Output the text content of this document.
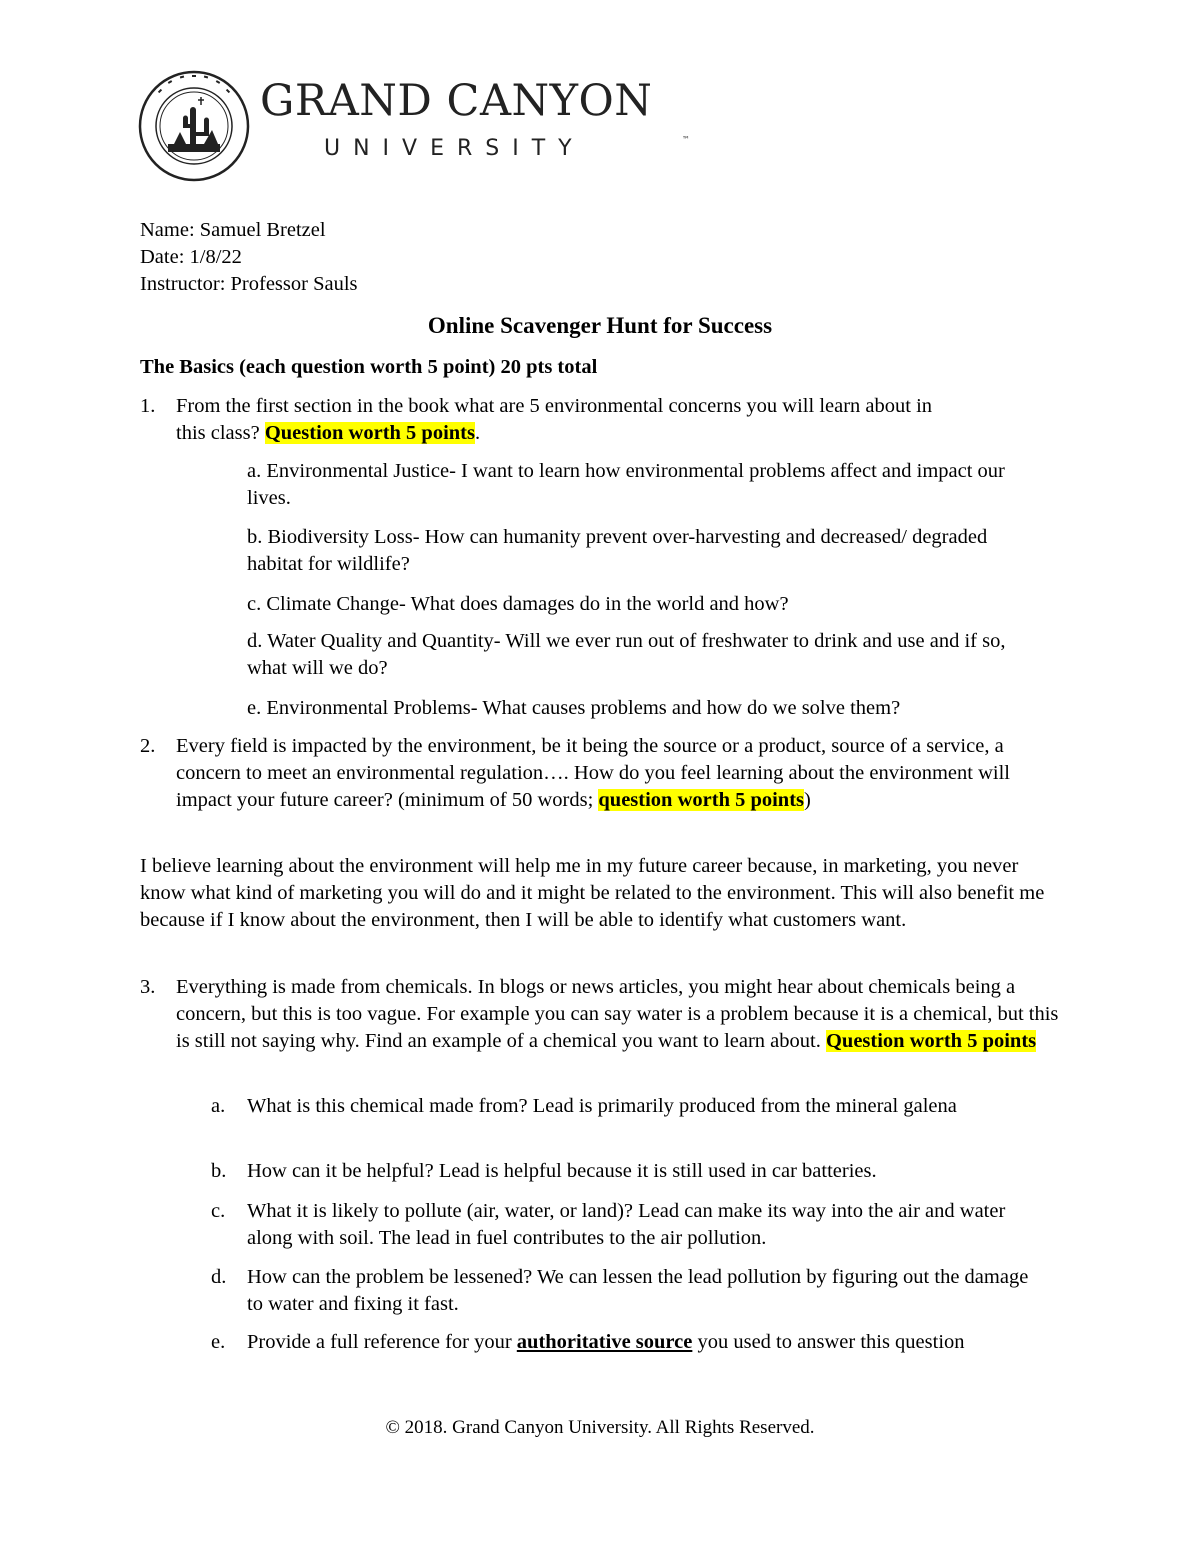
GRAND CANYON
UNIVERSITY	™
Name: Samuel Bretzel
Date: 1/8/22
Instructor: Professor Sauls
Online Scavenger Hunt for Success
The Basics (each question worth 5 point) 20 pts total
1.	From the first section in the book what are 5 environmental concerns you will learn about in
this class? Question worth 5 points.
a. Environmental Justice- I want to learn how environmental problems affect and impact our lives.
b. Biodiversity Loss- How can humanity prevent over-harvesting and decreased/ degraded habitat for wildlife?
c. Climate Change- What does damages do in the world and how?
d. Water Quality and Quantity- Will we ever run out of freshwater to drink and use and if so, what will we do?
e. Environmental Problems- What causes problems and how do we solve them?
2.	Every field is impacted by the environment, be it being the source or a product, source of a service, a concern to meet an environmental regulation…. How do you feel learning about the environment will impact your future career? (minimum of 50 words; question worth 5 points)
I believe learning about the environment will help me in my future career because, in marketing, you never know what kind of marketing you will do and it might be related to the environment. This will also benefit me because if I know about the environment, then I will be able to identify what customers want.
3.	Everything is made from chemicals. In blogs or news articles, you might hear about chemicals being a concern, but this is too vague. For example you can say water is a problem because it is a chemical, but this is still not saying why. Find an example of a chemical you want to learn about. Question worth 5 points
a.	What is this chemical made from? Lead is primarily produced from the mineral galena
b.	How can it be helpful? Lead is helpful because it is still used in car batteries.
c.	What it is likely to pollute (air, water, or land)? Lead can make its way into the air and water along with soil. The lead in fuel contributes to the air pollution.
d.	How can the problem be lessened? We can lessen the lead pollution by figuring out the damage to water and fixing it fast.
e.	Provide a full reference for your authoritative source you used to answer this question
© 2018. Grand Canyon University. All Rights Reserved.
